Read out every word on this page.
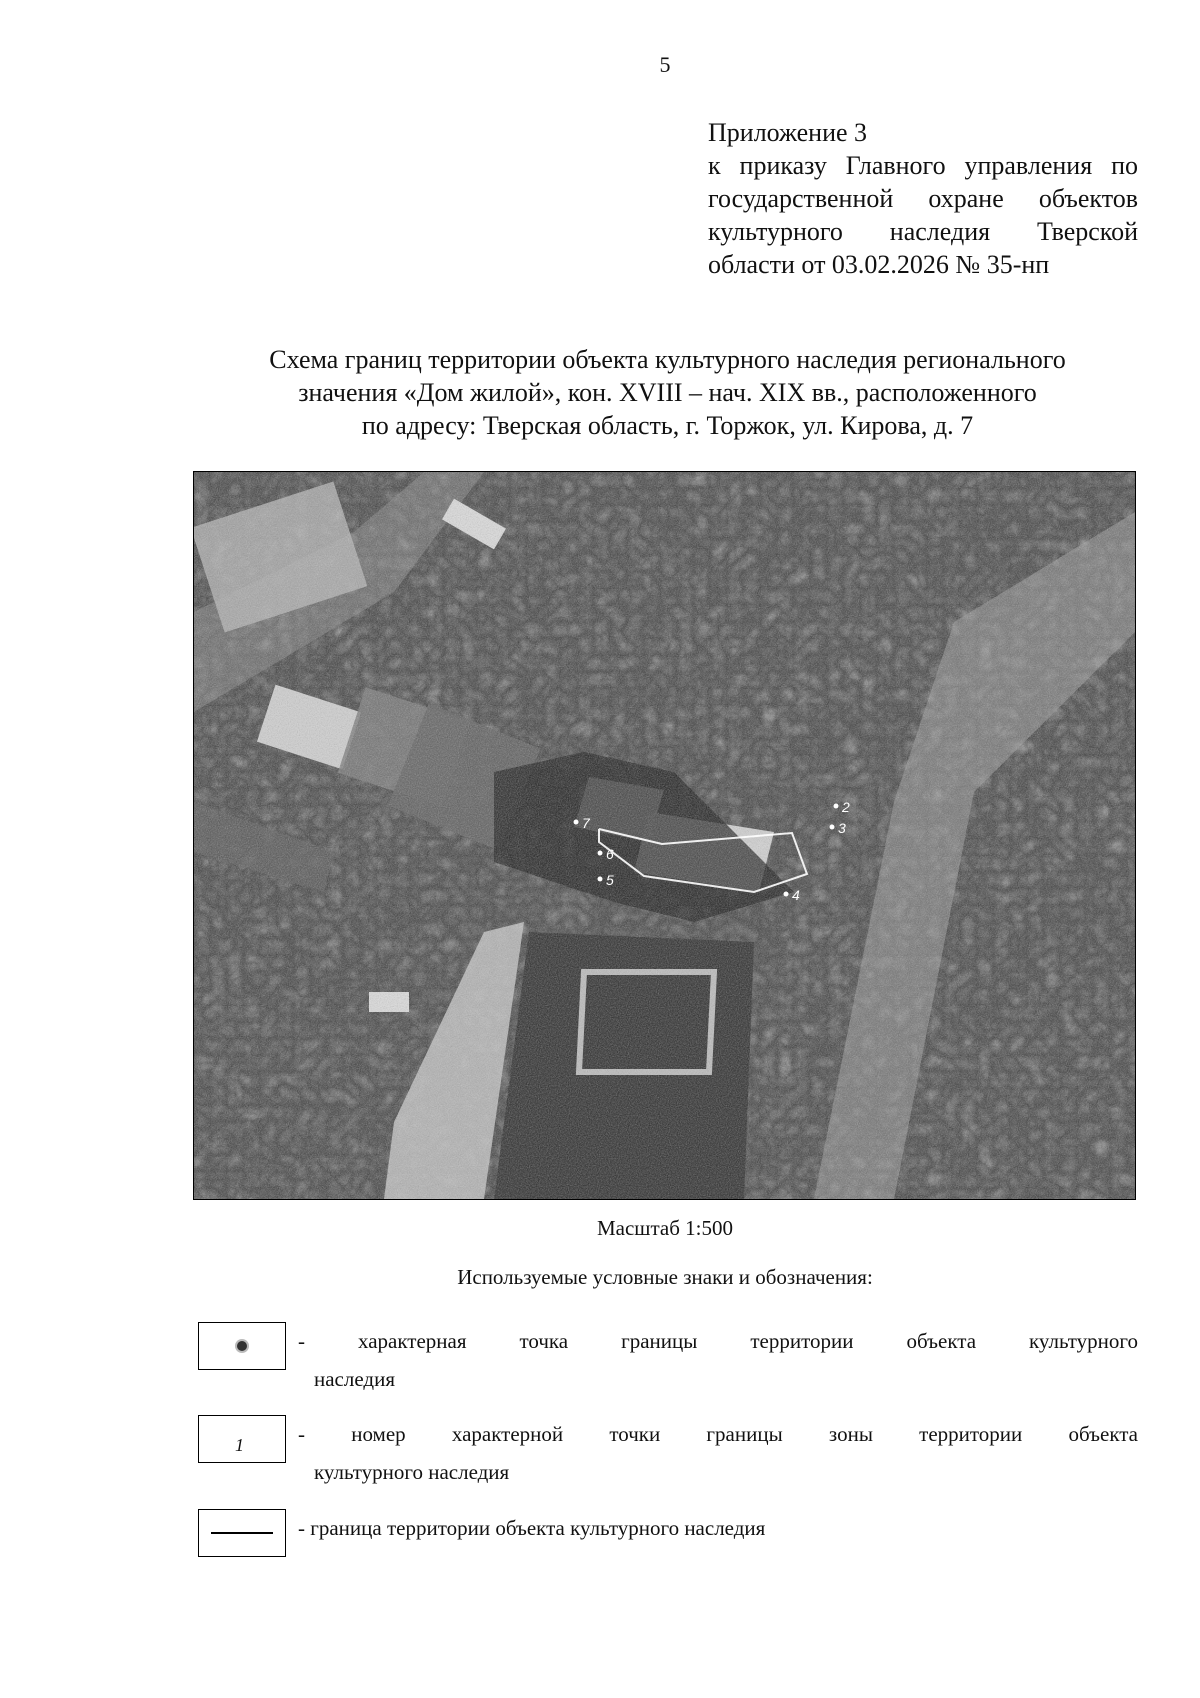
5
Приложение 3
к приказу Главного управления по
государственной охране объектов
культурного наследия Тверской
области от 03.02.2026 № 35-нп
Схема границ территории объекта культурного наследия регионального
значения «Дом жилой», кон. XVIII – нач. XIX вв., расположенного
по адресу: Тверская область, г. Торжок, ул. Кирова, д. 7
2
3
4
5
6
7
Масштаб 1:500
Используемые условные знаки и обозначения:
- характерная точка границы территории объекта культурного
наследия
1	- номер характерной точки границы зоны территории объекта
культурного наследия
- граница территории объекта культурного наследия
